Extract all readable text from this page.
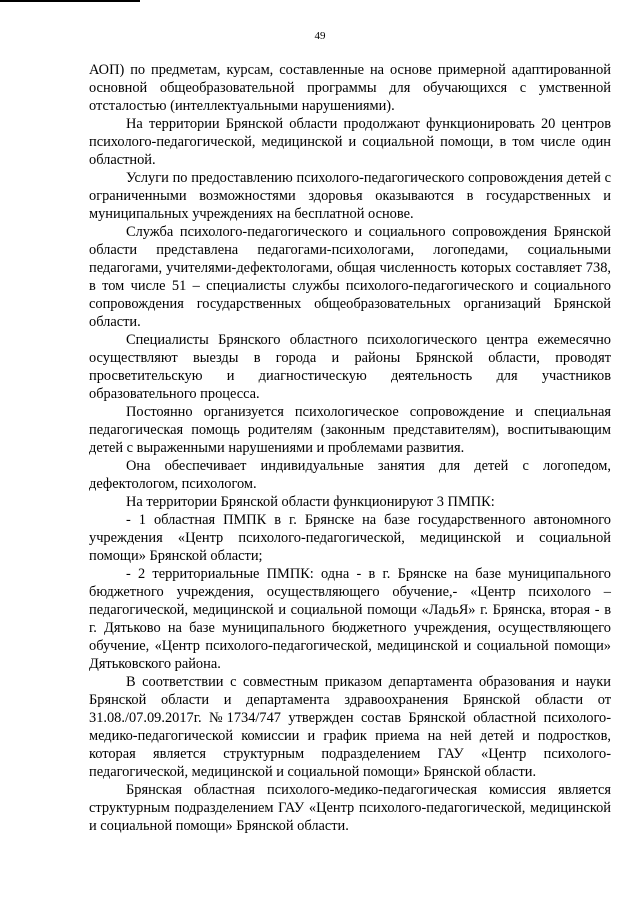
49

АОП) по предметам, курсам, составленные на основе примерной адаптированной основной общеобразовательной программы для обучающихся с умственной отсталостью (интеллектуальными нарушениями).

На территории Брянской области продолжают функционировать 20 центров психолого-педагогической, медицинской и социальной помощи, в том числе один областной.

Услуги по предоставлению психолого-педагогического сопровождения детей с ограниченными возможностями здоровья оказываются в государственных и муниципальных учреждениях на бесплатной основе.

Служба психолого-педагогического и социального сопровождения Брянской области представлена педагогами-психологами, логопедами, социальными педагогами, учителями-дефектологами, общая численность которых составляет 738, в том числе 51 – специалисты службы психолого-педагогического и социального сопровождения государственных общеобразовательных организаций Брянской области.

Специалисты Брянского областного психологического центра ежемесячно осуществляют выезды в города и районы Брянской области, проводят просветительскую и диагностическую деятельность для участников образовательного процесса.

Постоянно организуется психологическое сопровождение и специальная педагогическая помощь родителям (законным представителям), воспитывающим детей с выраженными нарушениями и проблемами развития.

Она обеспечивает индивидуальные занятия для детей с логопедом, дефектологом, психологом.

На территории Брянской области функционируют 3 ПМПК:

- 1 областная ПМПК в г. Брянске на базе государственного автономного учреждения «Центр психолого-педагогической, медицинской и социальной помощи» Брянской области;

- 2 территориальные ПМПК: одна - в г. Брянске на базе муниципального бюджетного учреждения, осуществляющего обучение,- «Центр психолого – педагогической, медицинской и социальной помощи «ЛадьЯ» г. Брянска, вторая - в г. Дятьково на базе муниципального бюджетного учреждения, осуществляющего обучение, «Центр психолого-педагогической, медицинской и социальной помощи» Дятьковского района.

В соответствии с совместным приказом департамента образования и науки Брянской области и департамента здравоохранения Брянской области от 31.08./07.09.2017г. №1734/747 утвержден состав Брянской областной психолого-медико-педагогической комиссии и график приема на ней детей и подростков, которая является структурным подразделением ГАУ «Центр психолого-педагогической, медицинской и социальной помощи» Брянской области.

Брянская областная психолого-медико-педагогическая комиссия является структурным подразделением ГАУ «Центр психолого-педагогической, медицинской и социальной помощи» Брянской области.
